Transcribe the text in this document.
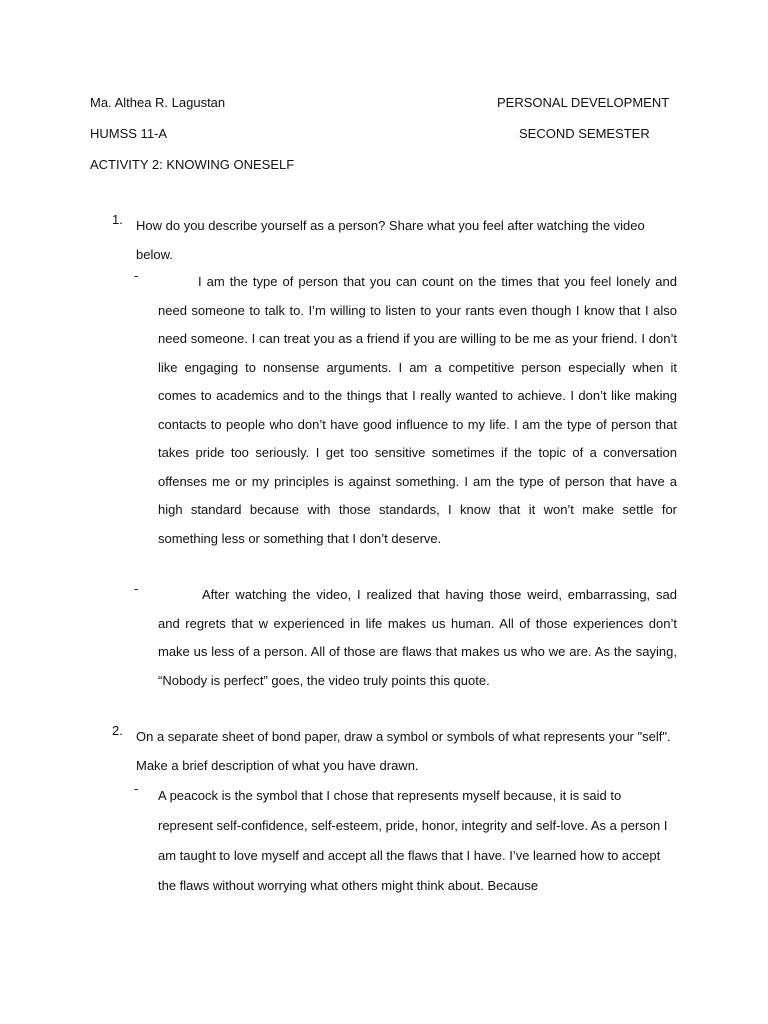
Ma. Althea R. Lagustan	PERSONAL DEVELOPMENT
HUMSS 11-A	SECOND SEMESTER
ACTIVITY 2: KNOWING ONESELF
1. How do you describe yourself as a person? Share what you feel after watching the video below.
-	I am the type of person that you can count on the times that you feel lonely and need someone to talk to. I’m willing to listen to your rants even though I know that I also need someone. I can treat you as a friend if you are willing to be me as your friend. I don’t like engaging to nonsense arguments. I am a competitive person especially when it comes to academics and to the things that I really wanted to achieve. I don’t like making contacts to people who don’t have good influence to my life. I am the type of person that takes pride too seriously. I get too sensitive sometimes if the topic of a conversation offenses me or my principles is against something. I am the type of person that have a high standard because with those standards, I know that it won’t make settle for something less or something that I don’t deserve.
-	After watching the video, I realized that having those weird, embarrassing, sad and regrets that w experienced in life makes us human. All of those experiences don’t make us less of a person. All of those are flaws that makes us who we are. As the saying, “Nobody is perfect” goes, the video truly points this quote.
2. On a separate sheet of bond paper, draw a symbol or symbols of what represents your "self". Make a brief description of what you have drawn.
- A peacock is the symbol that I chose that represents myself because, it is said to represent self-confidence, self-esteem, pride, honor, integrity and self-love. As a person I am taught to love myself and accept all the flaws that I have. I’ve learned how to accept the flaws without worrying what others might think about. Because
